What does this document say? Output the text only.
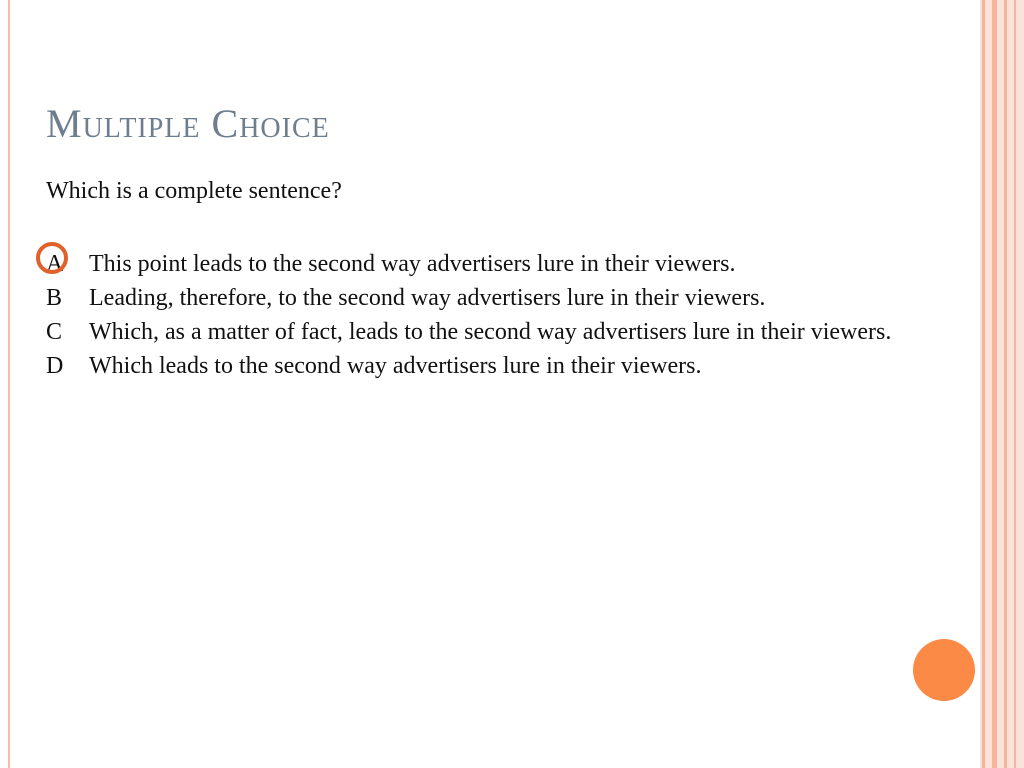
Multiple Choice
Which is a complete sentence?
A	This point leads to the second way advertisers lure in their viewers.
B	Leading, therefore, to the second way advertisers lure in their viewers.
C	Which, as a matter of fact, leads to the second way advertisers lure in their viewers.
D	Which leads to the second way advertisers lure in their viewers.
